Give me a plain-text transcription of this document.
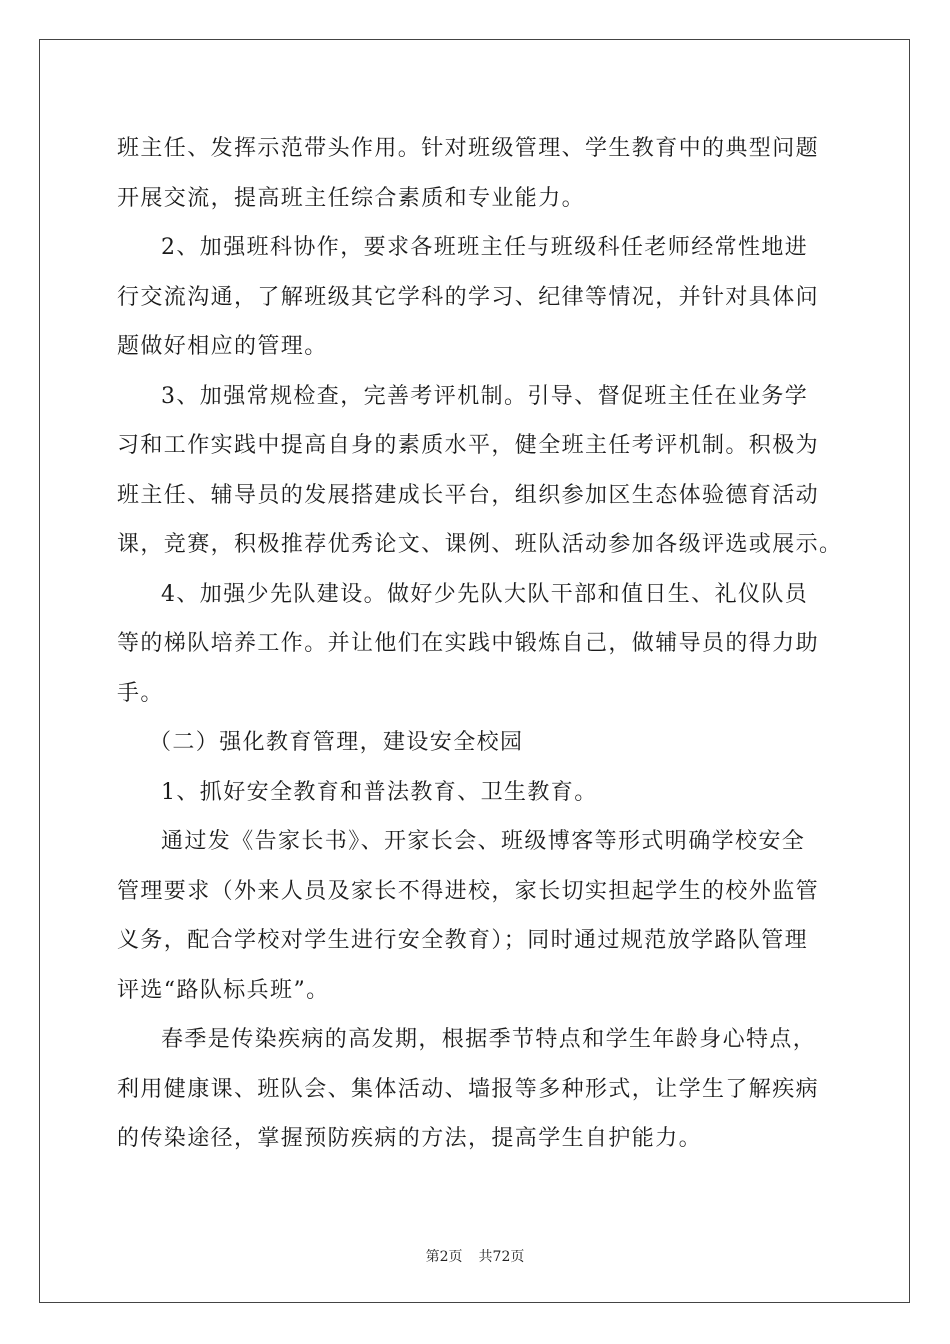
班主任、发挥示范带头作用。针对班级管理、学生教育中的典型问题
开展交流，提高班主任综合素质和专业能力。
2、加强班科协作，要求各班班主任与班级科任老师经常性地进
行交流沟通，了解班级其它学科的学习、纪律等情况，并针对具体问
题做好相应的管理。
3、加强常规检查，完善考评机制。引导、督促班主任在业务学
习和工作实践中提高自身的素质水平，健全班主任考评机制。积极为
班主任、辅导员的发展搭建成长平台，组织参加区生态体验德育活动
课，竞赛，积极推荐优秀论文、课例、班队活动参加各级评选或展示。
4、加强少先队建设。做好少先队大队干部和值日生、礼仪队员
等的梯队培养工作。并让他们在实践中锻炼自己，做辅导员的得力助
手。
（二）强化教育管理，建设安全校园
1、抓好安全教育和普法教育、卫生教育。
通过发《告家长书》、开家长会、班级博客等形式明确学校安全
管理要求（外来人员及家长不得进校，家长切实担起学生的校外监管
义务，配合学校对学生进行安全教育）；同时通过规范放学路队管理
评选“路队标兵班”。
春季是传染疾病的高发期，根据季节特点和学生年龄身心特点，
利用健康课、班队会、集体活动、墙报等多种形式，让学生了解疾病
的传染途径，掌握预防疾病的方法，提高学生自护能力。
第2页 共72页
